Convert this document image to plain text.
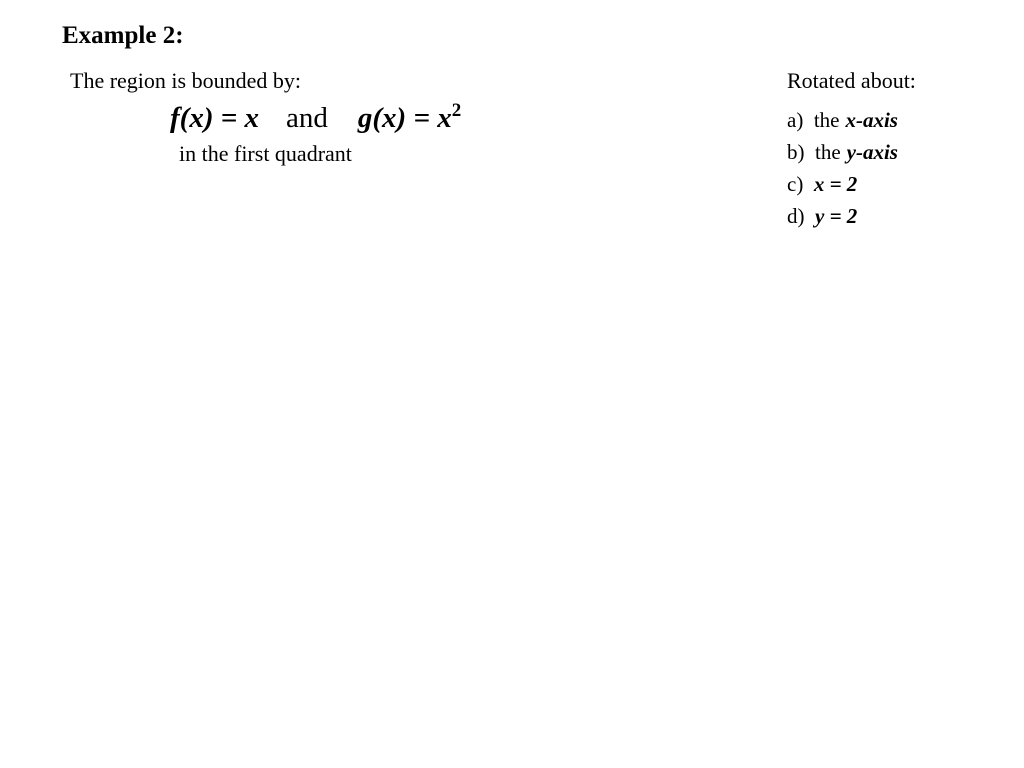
Example 2:
The region is bounded by:
f(x) = x and $g(x) = x^2$
in the first quadrant
Rotated about:
a) the x-axis
b) the y-axis
c) x = 2
d) y = 2
